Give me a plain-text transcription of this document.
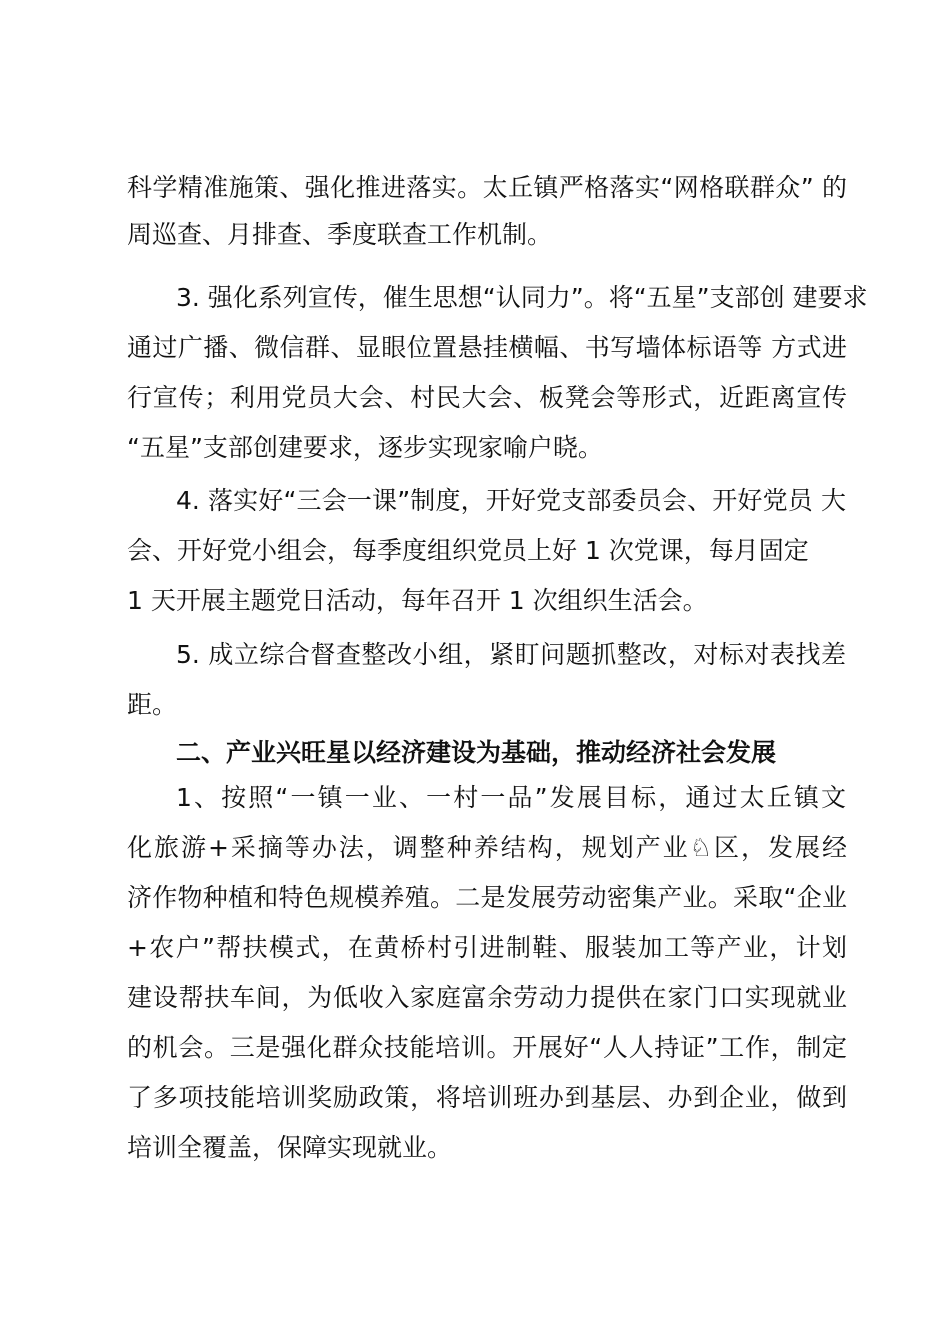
科学精准施策、强化推进落实。太丘镇严格落实“网格联群众” 的
周巡查、月排查、季度联查工作机制。
3. 强化系列宣传，催生思想“认同力”。将“五星”支部创 建要求
通过广播、微信群、显眼位置悬挂横幅、书写墙体标语等 方式进
行宣传；利用党员大会、村民大会、板凳会等形式，近距离宣传
“五星”支部创建要求，逐步实现家喻户晓。
4. 落实好“三会一课”制度，开好党支部委员会、开好党员 大
会、开好党小组会，每季度组织党员上好 1 次党课，每月固定
1 天开展主题党日活动，每年召开 1 次组织生活会。
5. 成立综合督查整改小组，紧盯问题抓整改，对标对表找差
距。
二、产业兴旺星以经济建设为基础，推动经济社会发展
1、按照“一镇一业、一村一品”发展目标，通过太丘镇文
化旅游+采摘等办法，调整种养结构，规划产业♘区，发展经
济作物种植和特色规模养殖。二是发展劳动密集产业。采取“企业
+农户”帮扶模式，在黄桥村引进制鞋、服装加工等产业，计划
建设帮扶车间，为低收入家庭富余劳动力提供在家门口实现就业
的机会。三是强化群众技能培训。开展好“人人持证”工作，制定
了多项技能培训奖励政策，将培训班办到基层、办到企业，做到
培训全覆盖，保障实现就业。
